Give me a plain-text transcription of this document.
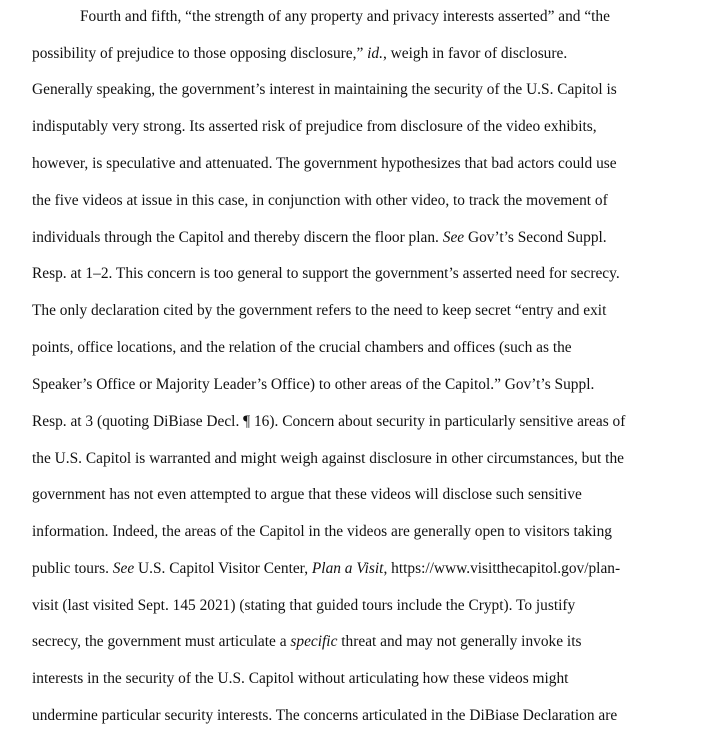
Fourth and fifth, “the strength of any property and privacy interests asserted” and “the
possibility of prejudice to those opposing disclosure,” id., weigh in favor of disclosure.
Generally speaking, the government’s interest in maintaining the security of the U.S. Capitol is
indisputably very strong. Its asserted risk of prejudice from disclosure of the video exhibits,
however, is speculative and attenuated. The government hypothesizes that bad actors could use
the five videos at issue in this case, in conjunction with other video, to track the movement of
individuals through the Capitol and thereby discern the floor plan. See Gov’t’s Second Suppl.
Resp. at 1–2. This concern is too general to support the government’s asserted need for secrecy.
The only declaration cited by the government refers to the need to keep secret “entry and exit
points, office locations, and the relation of the crucial chambers and offices (such as the
Speaker’s Office or Majority Leader’s Office) to other areas of the Capitol.” Gov’t’s Suppl.
Resp. at 3 (quoting DiBiase Decl. ¶ 16). Concern about security in particularly sensitive areas of
the U.S. Capitol is warranted and might weigh against disclosure in other circumstances, but the
government has not even attempted to argue that these videos will disclose such sensitive
information. Indeed, the areas of the Capitol in the videos are generally open to visitors taking
public tours. See U.S. Capitol Visitor Center, Plan a Visit, https://www.visitthecapitol.gov/plan-
visit (last visited Sept. 145 2021) (stating that guided tours include the Crypt). To justify
secrecy, the government must articulate a specific threat and may not generally invoke its
interests in the security of the U.S. Capitol without articulating how these videos might
undermine particular security interests. The concerns articulated in the DiBiase Declaration are
